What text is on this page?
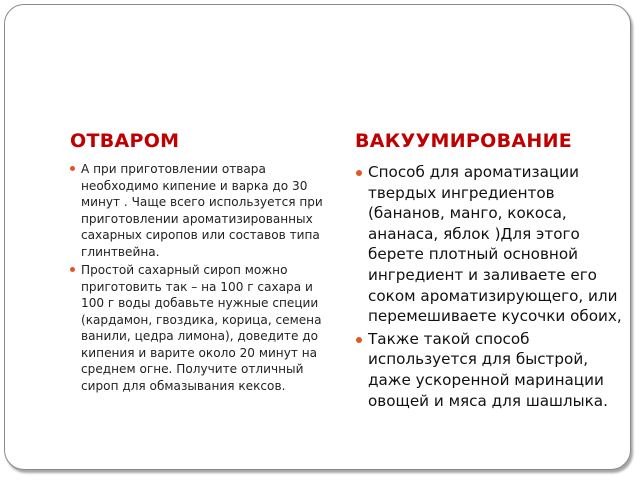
ОТВАРОМ	ВАКУУМИРОВАНИЕ
А при приготовлении отвара необходимо кипение и варка до 30 минут . Чаще всего используется при приготовлении ароматизированных сахарных сиропов или составов типа глинтвейна.
Простой сахарный сироп можно приготовить так – на 100 г сахара и 100 г воды добавьте нужные специи (кардамон, гвоздика, корица, семена ванили, цедра лимона), доведите до кипения и варите около 20 минут на среднем огне. Получите отличный сироп для обмазывания кексов.
Способ для ароматизации твердых ингредиентов (бананов, манго, кокоса, ананаса, яблок )Для этого берете плотный основной ингредиент и заливаете его соком ароматизирующего, или перемешиваете кусочки обоих,
Также такой способ используется для быстрой, даже ускоренной маринации овощей и мяса для шашлыка.
